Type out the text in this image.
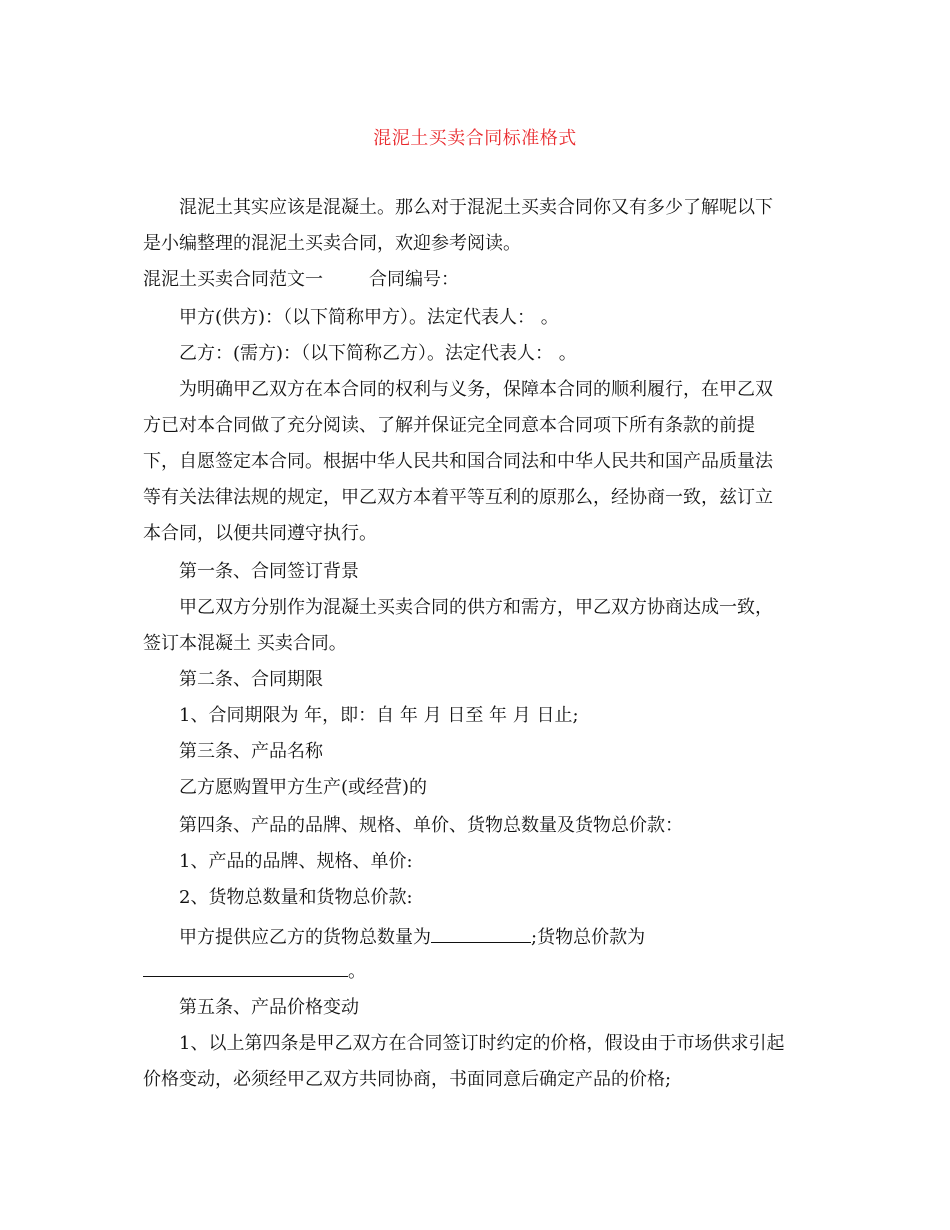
混泥土买卖合同标准格式
混泥土其实应该是混凝土。那么对于混泥土买卖合同你又有多少了解呢以下
是小编整理的混泥土买卖合同，欢迎参考阅读。
混泥土买卖合同范文一	合同编号：
甲方(供方)：（以下简称甲方）。法定代表人： 。
乙方：(需方)：（以下简称乙方）。法定代表人： 。
为明确甲乙双方在本合同的权利与义务，保障本合同的顺利履行，在甲乙双
方已对本合同做了充分阅读、了解并保证完全同意本合同项下所有条款的前提
下，自愿签定本合同。根据中华人民共和国合同法和中华人民共和国产品质量法
等有关法律法规的规定，甲乙双方本着平等互利的原那么，经协商一致，兹订立
本合同，以便共同遵守执行。
第一条、合同签订背景
甲乙双方分别作为混凝土买卖合同的供方和需方，甲乙双方协商达成一致，
签订本混凝土 买卖合同。
第二条、合同期限
1、合同期限为 年，即：自 年 月 日至 年 月 日止;
第三条、产品名称
乙方愿购置甲方生产(或经营)的
第四条、产品的品牌、规格、单价、货物总数量及货物总价款：
1、产品的品牌、规格、单价:
2、货物总数量和货物总价款:
甲方提供应乙方的货物总数量为	;货物总价款为
。
第五条、产品价格变动
1、以上第四条是甲乙双方在合同签订时约定的价格，假设由于市场供求引起
价格变动，必须经甲乙双方共同协商，书面同意后确定产品的价格;
